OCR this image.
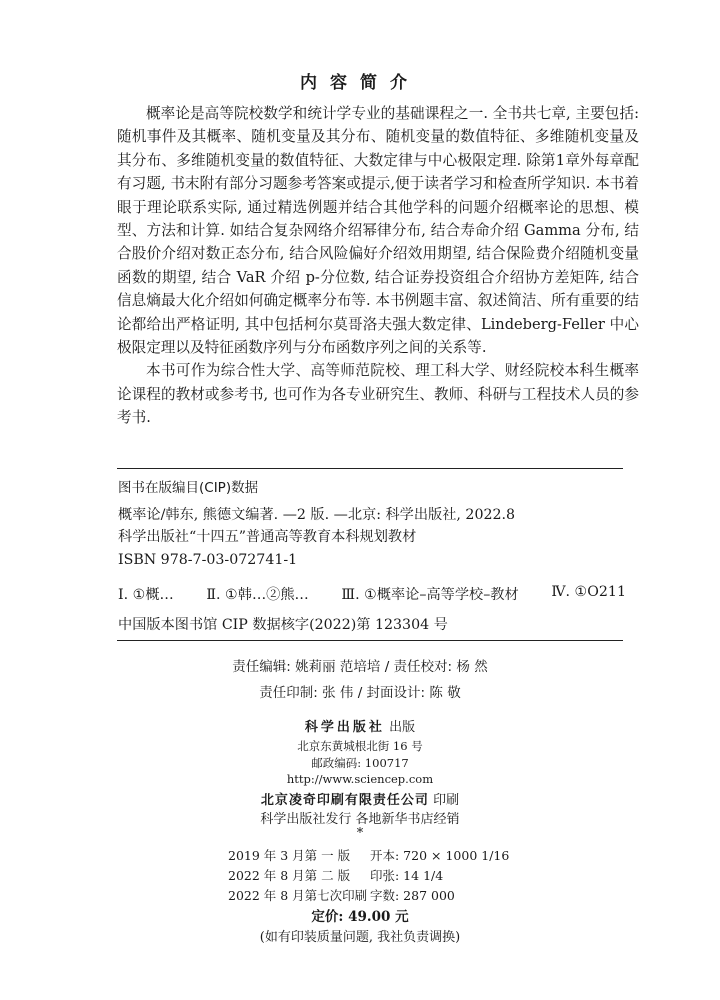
内容简介

概率论是高等院校数学和统计学专业的基础课程之一. 全书共七章, 主要包括: 随机事件及其概率、随机变量及其分布、随机变量的数值特征、多维随机变量及其分布、多维随机变量的数值特征、大数定律与中心极限定理. 除第1章外每章配有习题, 书末附有部分习题参考答案或提示,便于读者学习和检查所学知识. 本书着眼于理论联系实际, 通过精选例题并结合其他学科的问题介绍概率论的思想、模型、方法和计算. 如结合复杂网络介绍幂律分布, 结合寿命介绍 Gamma 分布, 结合股价介绍对数正态分布, 结合风险偏好介绍效用期望, 结合保险费介绍随机变量函数的期望, 结合 VaR 介绍 p-分位数, 结合证券投资组合介绍协方差矩阵, 结合信息熵最大化介绍如何确定概率分布等. 本书例题丰富、叙述简洁、所有重要的结论都给出严格证明, 其中包括柯尔莫哥洛夫强大数定律、Lindeberg-Feller 中心极限定理以及特征函数序列与分布函数序列之间的关系等.

本书可作为综合性大学、高等师范院校、理工科大学、财经院校本科生概率论课程的教材或参考书, 也可作为各专业研究生、教师、科研与工程技术人员的参考书.

图书在版编目(CIP)数据
概率论/韩东, 熊德文编著. —2 版. —北京: 科学出版社, 2022.8
科学出版社“十四五”普通高等教育本科规划教材
ISBN 978-7-03-072741-1
Ⅰ. ①概… Ⅱ. ①韩…②熊… Ⅲ. ①概率论–高等学校–教材 Ⅳ. ①O211
中国版本图书馆 CIP 数据核字(2022)第 123304 号
责任编辑: 姚莉丽 范培培 / 责任校对: 杨 然
责任印制: 张 伟 / 封面设计: 陈 敬
科学出版社 出版
北京东黄城根北街 16 号
邮政编码: 100717
http://www.sciencep.com
北京凌奇印刷有限责任公司 印刷
科学出版社发行 各地新华书店经销
*
2019 年 3 月第 一 版 开本: 720 × 1000 1/16
2022 年 8 月第 二 版 印张: 14 1/4
2022 年 8 月第七次印刷 字数: 287 000
定价: 49.00 元
(如有印装质量问题, 我社负责调换)
